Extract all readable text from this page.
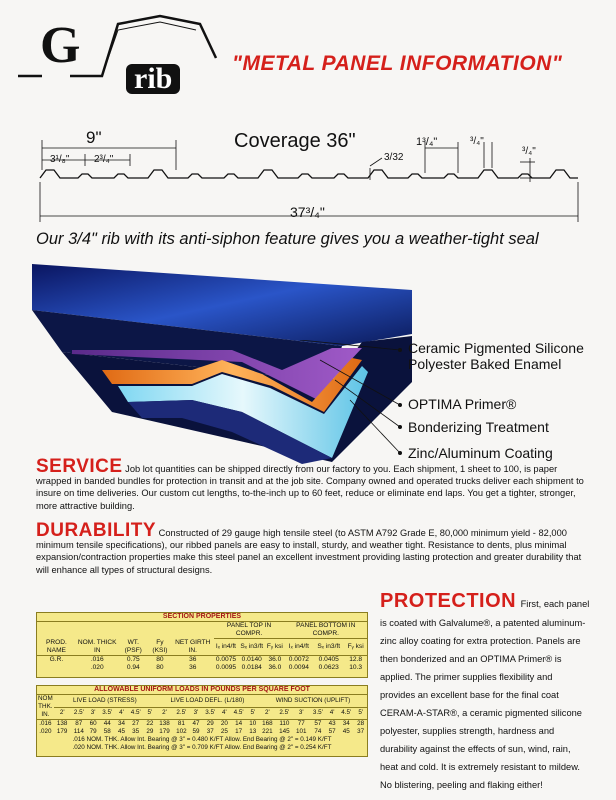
G
rib	"METAL PANEL INFORMATION"
9"	Coverage 36"
3¹/₈" 2³/₄"	3/32
1³/₄"	³/₄"
³/₄"
37³/₄"
Our 3/4" rib with its anti-siphon feature gives you a weather-tight seal
Ceramic Pigmented Silicone Polyester Baked Enamel
OPTIMA Primer®
Bonderizing Treatment
Zinc/Aluminum Coating
SERVICE Job lot quantities can be shipped directly from our factory to you. Each shipment, 1 sheet to 100, is paper wrapped in banded bundles for protection in transit and at the job site. Company owned and operated trucks deliver each shipment to insure on time deliveries. Our custom cut lengths, to-the-inch up to 60 feet, reduce or eliminate end laps. You get a tighter, stronger, more attractive building.
DURABILITY Constructed of 29 gauge high tensile steel (to ASTM A792 Grade E, 80,000 minimum yield - 82,000 minimum tensile specifications), our ribbed panels are easy to install, sturdy, and weather tight. Resistance to dents, plus minimal expansion/contraction properties make this steel panel an excellent investment providing lasting protection and greater durability that will enhance all types of structural designs.
PROTECTION First, each panel is coated with Galvalume®, a patented aluminum-zinc alloy coating for extra protection. Panels are then bonderized and an OPTIMA Primer® is applied. The primer supplies flexibility and provides an excellent base for the final coat CERAM-A-STAR®, a ceramic pigmented silicone polyester, supplies strength, hardness and durability against the effects of sun, wind, rain, heat and cold. It is extremely resistant to mildew. No blistering, peeling and flaking either!
SECTION PROPERTIES										
					PANEL TOP IN COMPR.			PANEL BOTTOM IN COMPR.		
PROD. NAME	NOM. THICK IN	WT. (PSF)	Fy (KSI)	NET GIRTH IN.	Iₓ in4/ft	Sₓ in3/ft	Fᵧ ksi	Iₓ in4/ft	Sₓ in3/ft	Fᵧ ksi
G.R.	.016	0.75	80	36	0.0075	0.0140	36.0	0.0072	0.0405	12.8
	.020	0.94	80	36	0.0095	0.0184	36.0	0.0094	0.0623	10.3
ALLOWABLE UNIFORM LOADS IN POUNDS PER SQUARE FOOT																					
NOM THK. IN.	LIVE LOAD (STRESS)							LIVE LOAD DEFL. (L/180)							WIND SUCTION (UPLIFT)						
	2'	2.5'	3'	3.5'	4'	4.5'	5'	2'	2.5'	3'	3.5'	4'	4.5'	5'	2'	2.5'	3'	3.5'	4'	4.5'	5'
.016	138	87	60	44	34	27	22	138	81	47	29	20	14	10	168	110	77	57	43	34	28
.020	179	114	79	58	45	35	29	179	102	59	37	25	17	13	221	145	101	74	57	45	37
.016 NOM. THK. Allow Int. Bearing @ 3" = 0.480 K/FT Allow. End Bearing @ 2" = 0.149 K/FT																					
.020 NOM. THK. Allow Int. Bearing @ 3" = 0.709 K/FT Allow. End Bearing @ 2" = 0.254 K/FT																					
